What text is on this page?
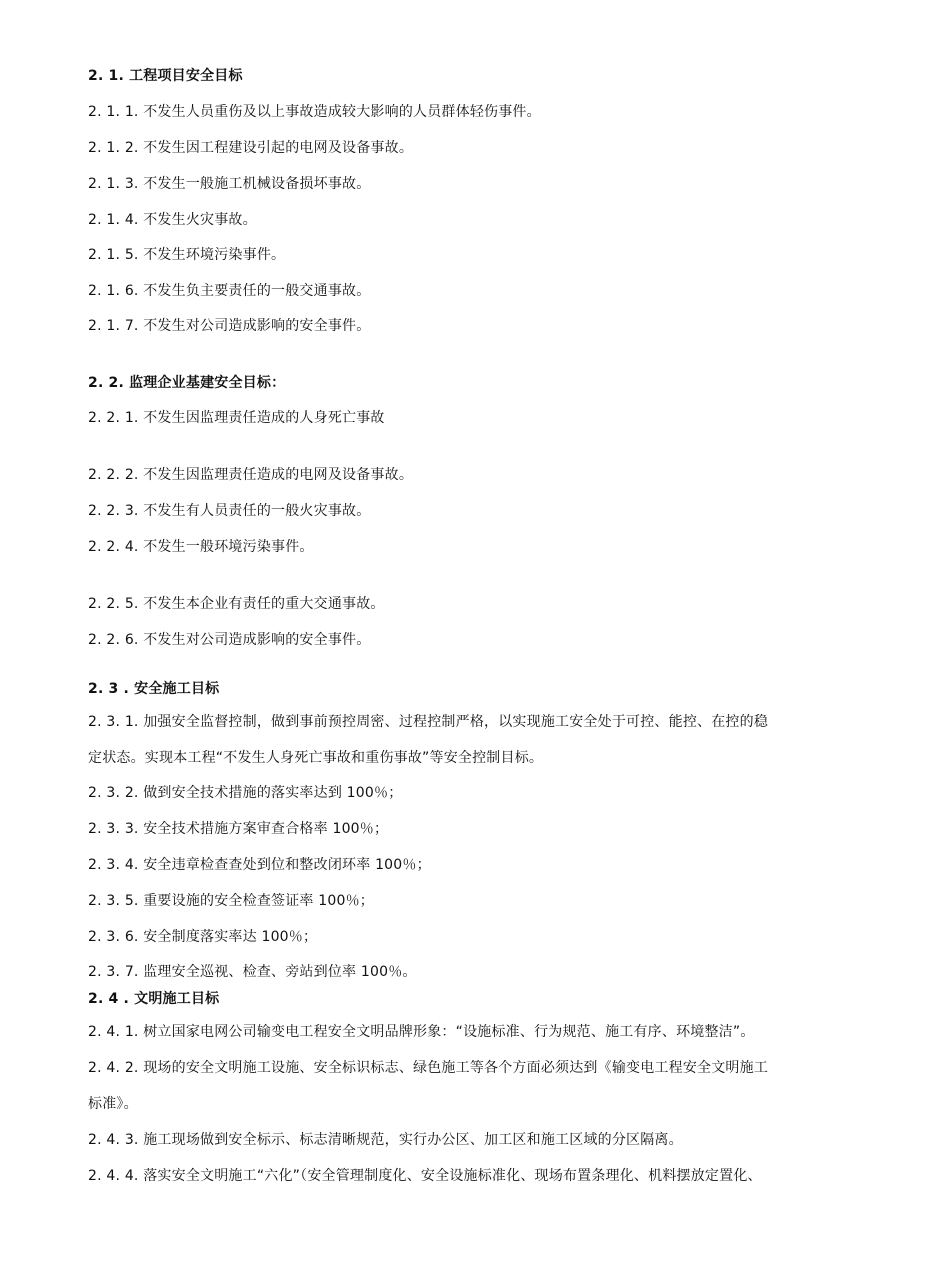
2. 1. 工程项目安全目标
2. 1. 1. 不发生人员重伤及以上事故造成较大影响的人员群体轻伤事件。
2. 1. 2. 不发生因工程建设引起的电网及设备事故。
2. 1. 3. 不发生一般施工机械设备损坏事故。
2. 1. 4. 不发生火灾事故。
2. 1. 5. 不发生环境污染事件。
2. 1. 6. 不发生负主要责任的一般交通事故。
2. 1. 7. 不发生对公司造成影响的安全事件。
2. 2. 监理企业基建安全目标：
2. 2. 1. 不发生因监理责任造成的人身死亡事故
2. 2. 2. 不发生因监理责任造成的电网及设备事故。
2. 2. 3. 不发生有人员责任的一般火灾事故。
2. 2. 4. 不发生一般环境污染事件。
2. 2. 5. 不发生本企业有责任的重大交通事故。
2. 2. 6. 不发生对公司造成影响的安全事件。
2. 3 . 安全施工目标
2. 3. 1. 加强安全监督控制，做到事前预控周密、过程控制严格，以实现施工安全处于可控、能控、在控的稳
定状态。实现本工程“不发生人身死亡事故和重伤事故”等安全控制目标。
2. 3. 2. 做到安全技术措施的落实率达到 100％；
2. 3. 3. 安全技术措施方案审查合格率 100％；
2. 3. 4. 安全违章检查查处到位和整改闭环率 100％；
2. 3. 5. 重要设施的安全检查签证率 100％；
2. 3. 6. 安全制度落实率达 100％；
2. 3. 7. 监理安全巡视、检查、旁站到位率 100％。
2. 4 . 文明施工目标
2. 4. 1. 树立国家电网公司输变电工程安全文明品牌形象：“设施标准、行为规范、施工有序、环境整洁”。
2. 4. 2. 现场的安全文明施工设施、安全标识标志、绿色施工等各个方面必须达到《输变电工程安全文明施工
标准》。
2. 4. 3. 施工现场做到安全标示、标志清晰规范，实行办公区、加工区和施工区域的分区隔离。
2. 4. 4. 落实安全文明施工“六化”（安全管理制度化、安全设施标准化、现场布置条理化、机料摆放定置化、
